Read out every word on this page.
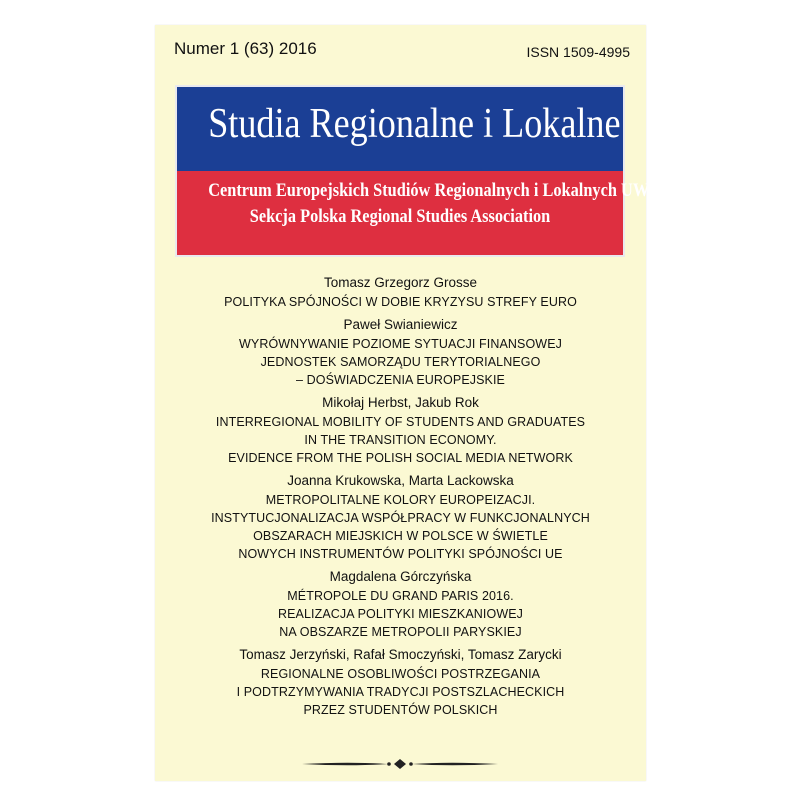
Numer 1 (63) 2016	ISSN 1509-4995
Studia Regionalne i Lokalne
Centrum Europejskich Studiów Regionalnych i Lokalnych UW
Sekcja Polska Regional Studies Association
Tomasz Grzegorz Grosse
POLITYKA SPÓJNOŚCI W DOBIE KRYZYSU STREFY EURO
Paweł Swianiewicz
WYRÓWNYWANIE POZIOME SYTUACJI FINANSOWEJ
JEDNOSTEK SAMORZĄDU TERYTORIALNEGO
– DOŚWIADCZENIA EUROPEJSKIE
Mikołaj Herbst, Jakub Rok
INTERREGIONAL MOBILITY OF STUDENTS AND GRADUATES
IN THE TRANSITION ECONOMY.
EVIDENCE FROM THE POLISH SOCIAL MEDIA NETWORK
Joanna Krukowska, Marta Lackowska
METROPOLITALNE KOLORY EUROPEIZACJI.
INSTYTUCJONALIZACJA WSPÓŁPRACY W FUNKCJONALNYCH
OBSZARACH MIEJSKICH W POLSCE W ŚWIETLE
NOWYCH INSTRUMENTÓW POLITYKI SPÓJNOŚCI UE
Magdalena Górczyńska
MÉTROPOLE DU GRAND PARIS 2016.
REALIZACJA POLITYKI MIESZKANIOWEJ
NA OBSZARZE METROPOLII PARYSKIEJ
Tomasz Jerzyński, Rafał Smoczyński, Tomasz Zarycki
REGIONALNE OSOBLIWOŚCI POSTRZEGANIA
I PODTRZYMYWANIA TRADYCJI POSTSZLACHECKICH
PRZEZ STUDENTÓW POLSKICH
